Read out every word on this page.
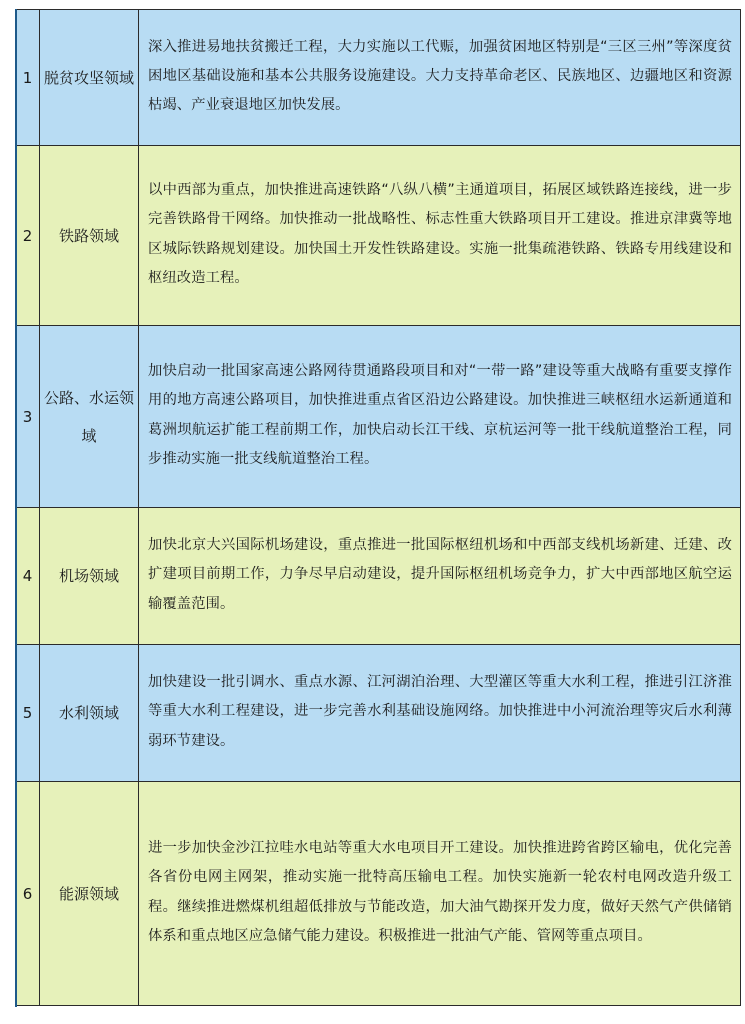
1	脱贫攻坚领域	深入推进易地扶贫搬迁工程，大力实施以工代赈，加强贫困地区特别是“三区三州”等深度贫困地区基础设施和基本公共服务设施建设。大力支持革命老区、民族地区、边疆地区和资源枯竭、产业衰退地区加快发展。
2	铁路领域	以中西部为重点，加快推进高速铁路“八纵八横”主通道项目，拓展区域铁路连接线，进一步完善铁路骨干网络。加快推动一批战略性、标志性重大铁路项目开工建设。推进京津冀等地区城际铁路规划建设。加快国土开发性铁路建设。实施一批集疏港铁路、铁路专用线建设和枢纽改造工程。
3	公路、水运领域	加快启动一批国家高速公路网待贯通路段项目和对“一带一路”建设等重大战略有重要支撑作用的地方高速公路项目，加快推进重点省区沿边公路建设。加快推进三峡枢纽水运新通道和葛洲坝航运扩能工程前期工作，加快启动长江干线、京杭运河等一批干线航道整治工程，同步推动实施一批支线航道整治工程。
4	机场领域	加快北京大兴国际机场建设，重点推进一批国际枢纽机场和中西部支线机场新建、迁建、改扩建项目前期工作，力争尽早启动建设，提升国际枢纽机场竞争力，扩大中西部地区航空运输覆盖范围。
5	水利领域	加快建设一批引调水、重点水源、江河湖泊治理、大型灌区等重大水利工程，推进引江济淮等重大水利工程建设，进一步完善水利基础设施网络。加快推进中小河流治理等灾后水利薄弱环节建设。
6	能源领域	进一步加快金沙江拉哇水电站等重大水电项目开工建设。加快推进跨省跨区输电，优化完善各省份电网主网架，推动实施一批特高压输电工程。加快实施新一轮农村电网改造升级工程。继续推进燃煤机组超低排放与节能改造，加大油气勘探开发力度，做好天然气产供储销体系和重点地区应急储气能力建设。积极推进一批油气产能、管网等重点项目。
